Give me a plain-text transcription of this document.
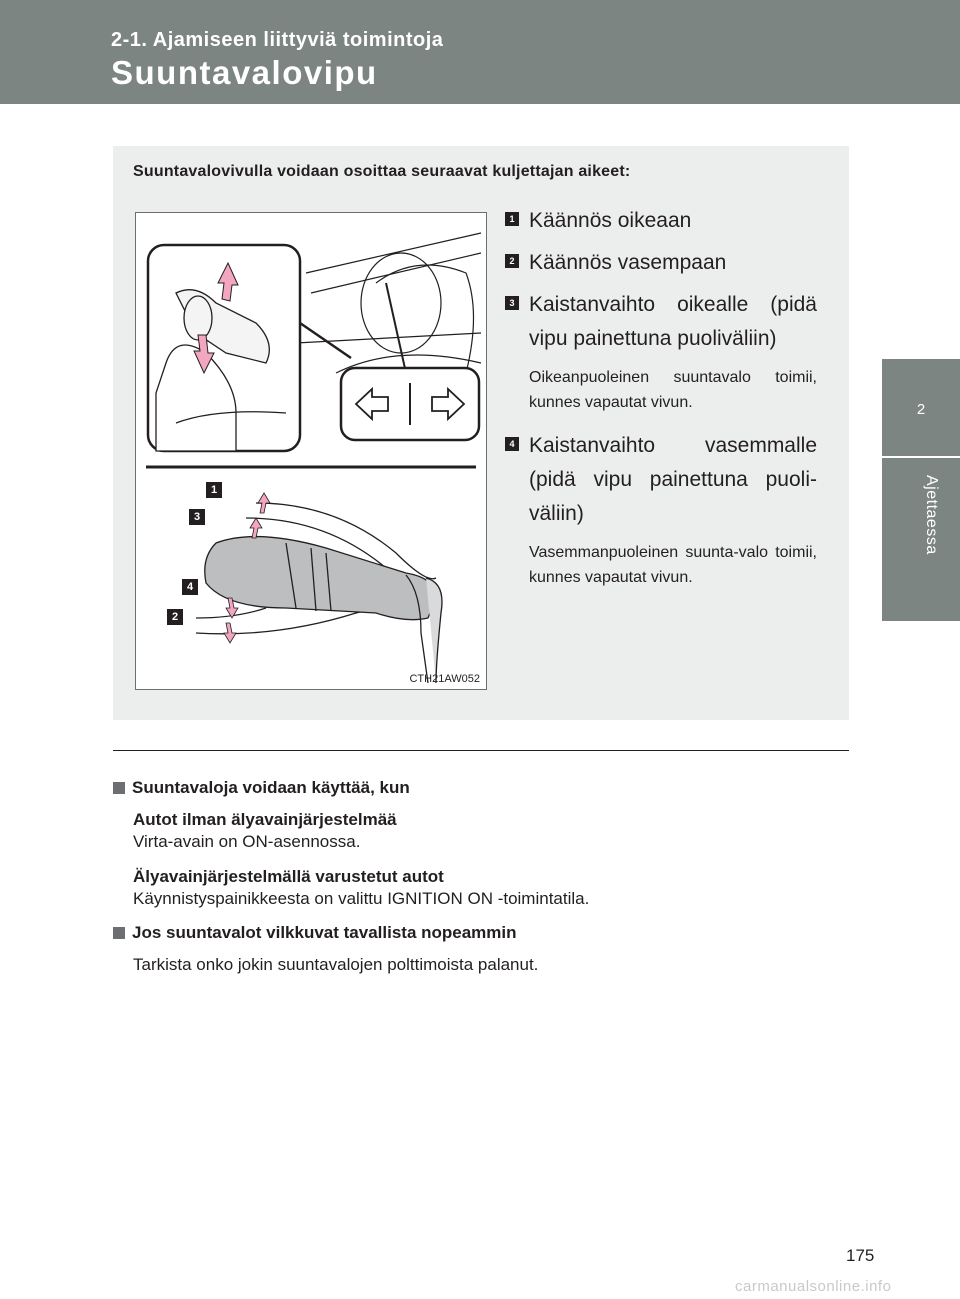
2-1. Ajamiseen liittyviä toimintoja
Suuntavalovipu
2
Ajettaessa
Suuntavalovivulla voidaan osoittaa seuraavat kuljettajan aikeet:
1
3
4
2
CTH21AW052
1 Käännös oikeaan
2 Käännös vasempaan
3 Kaistanvaihto oikealle (pidä vipu painettuna puoliväliin)
Oikeanpuoleinen suuntavalo toimii, kunnes vapautat vivun.
4 Kaistanvaihto vasemmalle (pidä vipu painettuna puoli-väliin)
Vasemmanpuoleinen suunta-valo toimii, kunnes vapautat vivun.
Suuntavaloja voidaan käyttää, kun
Autot ilman älyavainjärjestelmää
Virta-avain on ON-asennossa.
Älyavainjärjestelmällä varustetut autot
Käynnistyspainikkeesta on valittu IGNITION ON -toimintatila.
Jos suuntavalot vilkkuvat tavallista nopeammin
Tarkista onko jokin suuntavalojen polttimoista palanut.
175
carmanualsonline.info
